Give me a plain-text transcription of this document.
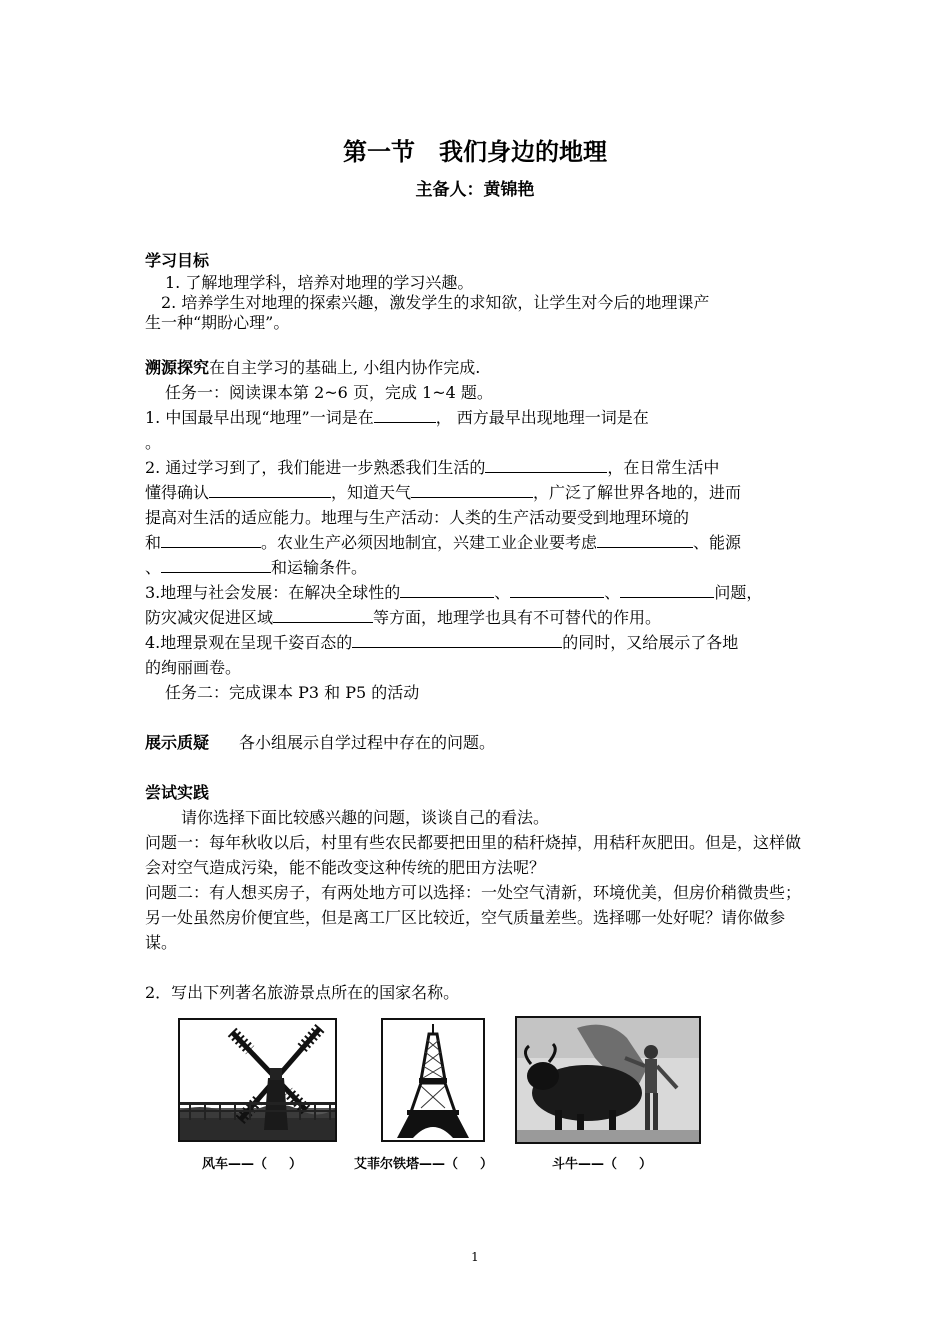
第一节　我们身边的地理
主备人：黄锦艳
学习目标
1. 了解地理学科，培养对地理的学习兴趣。
2. 培养学生对地理的探索兴趣，激发学生的求知欲，让学生对今后的地理课产
生一种“期盼心理”。
溯源探究在自主学习的基础上, 小组内协作完成.
任务一：阅读课本第 2~6 页，完成 1~4 题。
1. 中国最早出现“地理”一词是在	， 西方最早出现地理一词是在
。
2. 通过学习到了，我们能进一步熟悉我们生活的	，在日常生活中
懂得确认	，知道天气	，广泛了解世界各地的，进而
提高对生活的适应能力。地理与生产活动：人类的生产活动要受到地理环境的
和	。农业生产必须因地制宜，兴建工业企业要考虑	、能源
、	和运输条件。
3.地理与社会发展：在解决全球性的	、	、	问题，
防灾减灾促进区域	等方面，地理学也具有不可替代的作用。
4.地理景观在呈现千姿百态的	的同时，又给展示了各地
的绚丽画卷。
任务二：完成课本 P3 和 P5 的活动
展示质疑 各小组展示自学过程中存在的问题。
尝试实践
请你选择下面比较感兴趣的问题，谈谈自己的看法。
问题一：每年秋收以后，村里有些农民都要把田里的秸秆烧掉，用秸秆灰肥田。但是，这样做会对空气造成污染，能不能改变这种传统的肥田方法呢？
问题二：有人想买房子，有两处地方可以选择：一处空气清新，环境优美，但房价稍微贵些；另一处虽然房价便宜些，但是离工厂区比较近，空气质量差些。选择哪一处好呢？请你做参谋。
2．写出下列著名旅游景点所在的国家名称。
风车——（　  ）	艾菲尔铁塔——（　  ）	斗牛——（　  ）
1
